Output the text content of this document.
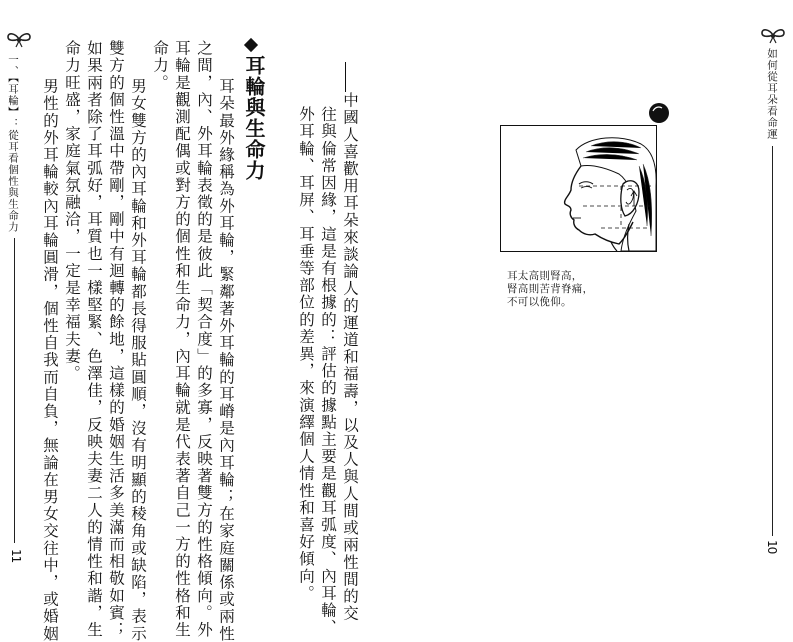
一、【耳輪】：從耳看個性與生命力

11

耳輪與生命力

耳朵最外緣稱為外耳輪，緊鄰著外耳輪的耳嵴是內耳輪；在家庭關係或兩性

之間，內、外耳輪表徵的是彼此「契合度」的多寡，反映著雙方的性格傾向。外

耳輪是觀測配偶或對方的個性和生命力，內耳輪就是代表著自己一方的性格和生

命力。

男女雙方的內耳輪和外耳輪都長得服貼圓順，沒有明顯的稜角或缺陷，表示

雙方的個性溫中帶剛，剛中有迴轉的餘地，這樣的婚姻生活多美滿而相敬如賓；

如果兩者除了耳弧好，耳質也一樣堅緊、色澤佳，反映夫妻二人的情性和諧，生

命力旺盛，家庭氣氛融洽，一定是幸福夫妻。

男性的外耳輪較內耳輪圓滑，個性自我而自負，無論在男女交往中，或婚姻	如何從耳朵看命運

10

中國人喜歡用耳朵來談論人的運道和福壽，以及人與人間或兩性間的交

往與倫常因緣，這是有根據的：評估的據點主要是觀耳弧度、內耳輪、

外耳輪、耳屏、耳垂等部位的差異，來演繹個人情性和喜好傾向。	耳太高則腎高，
腎高則苦背脊痛，
不可以俛仰。
